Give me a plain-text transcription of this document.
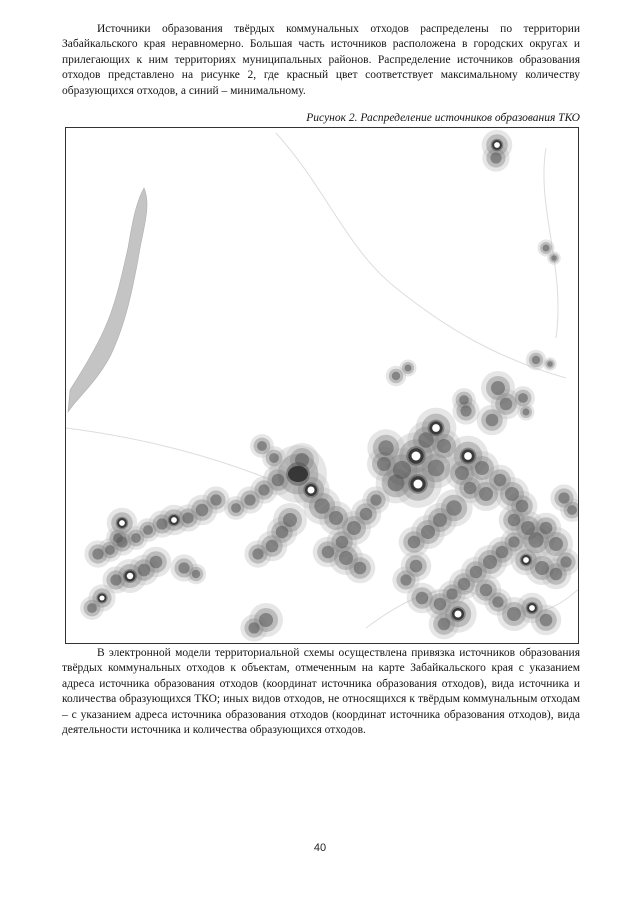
Источники образования твёрдых коммунальных отходов распределены по территории Забайкальского края неравномерно. Большая часть источников расположена в городских округах и прилегающих к ним территориях муниципальных районов. Распределение источников образования отходов представлено на рисунке 2, где красный цвет соответствует максимальному количеству образующихся отходов, а синий – минимальному.

Рисунок 2. Распределение источников образования ТКО

В электронной модели территориальной схемы осуществлена привязка источников образования твёрдых коммунальных отходов к объектам, отмеченным на карте Забайкальского края с указанием адреса источника образования отходов (координат источника образования отходов), вида источника и количества образующихся ТКО; иных видов отходов, не относящихся к твёрдым коммунальным отходам – с указанием адреса источника образования отходов (координат источника образования отходов), вида деятельности источника и количества образующихся отходов.

40
